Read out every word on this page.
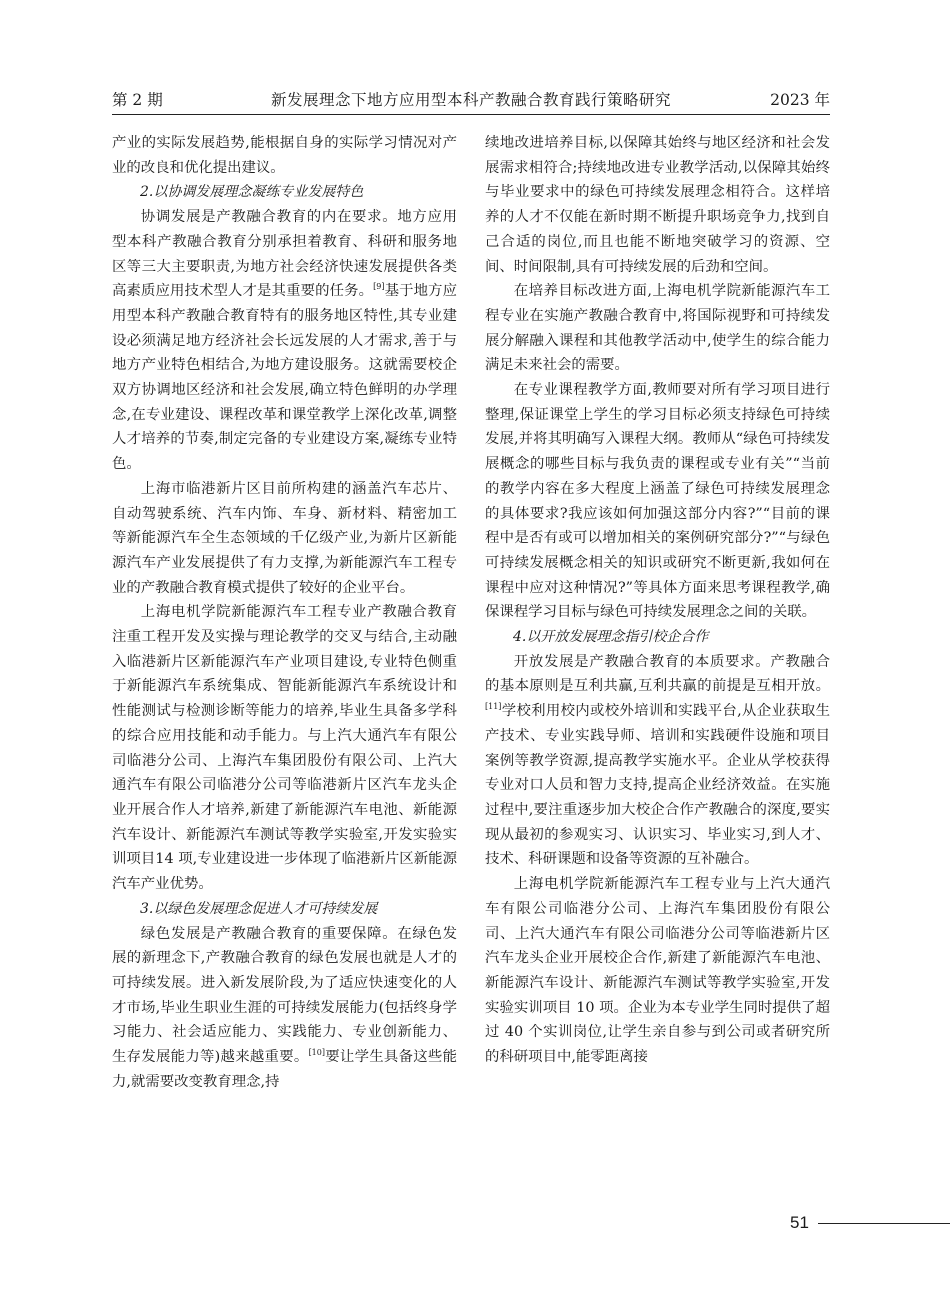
第 2 期	新发展理念下地方应用型本科产教融合教育践行策略研究	2023 年

产业的实际发展趋势,能根据自身的实际学习情况对产业的改良和优化提出建议。

2.以协调发展理念凝练专业发展特色

协调发展是产教融合教育的内在要求。地方应用型本科产教融合教育分别承担着教育、科研和服务地区等三大主要职责,为地方社会经济快速发展提供各类高素质应用技术型人才是其重要的任务。[9]基于地方应用型本科产教融合教育特有的服务地区特性,其专业建设必须满足地方经济社会长远发展的人才需求,善于与地方产业特色相结合,为地方建设服务。这就需要校企双方协调地区经济和社会发展,确立特色鲜明的办学理念,在专业建设、课程改革和课堂教学上深化改革,调整人才培养的节奏,制定完备的专业建设方案,凝练专业特色。

上海市临港新片区目前所构建的涵盖汽车芯片、自动驾驶系统、汽车内饰、车身、新材料、精密加工等新能源汽车全生态领域的千亿级产业,为新片区新能源汽车产业发展提供了有力支撑,为新能源汽车工程专业的产教融合教育模式提供了较好的企业平台。

上海电机学院新能源汽车工程专业产教融合教育注重工程开发及实操与理论教学的交叉与结合,主动融入临港新片区新能源汽车产业项目建设,专业特色侧重于新能源汽车系统集成、智能新能源汽车系统设计和性能测试与检测诊断等能力的培养,毕业生具备多学科的综合应用技能和动手能力。与上汽大通汽车有限公司临港分公司、上海汽车集团股份有限公司、上汽大通汽车有限公司临港分公司等临港新片区汽车龙头企业开展合作人才培养,新建了新能源汽车电池、新能源汽车设计、新能源汽车测试等教学实验室,开发实验实训项目14 项,专业建设进一步体现了临港新片区新能源汽车产业优势。

3.以绿色发展理念促进人才可持续发展

绿色发展是产教融合教育的重要保障。在绿色发展的新理念下,产教融合教育的绿色发展也就是人才的可持续发展。进入新发展阶段,为了适应快速变化的人才市场,毕业生职业生涯的可持续发展能力(包括终身学习能力、社会适应能力、实践能力、专业创新能力、生存发展能力等)越来越重要。[10]要让学生具备这些能力,就需要改变教育理念,持

续地改进培养目标,以保障其始终与地区经济和社会发展需求相符合;持续地改进专业教学活动,以保障其始终与毕业要求中的绿色可持续发展理念相符合。这样培养的人才不仅能在新时期不断提升职场竞争力,找到自己合适的岗位,而且也能不断地突破学习的资源、空间、时间限制,具有可持续发展的后劲和空间。

在培养目标改进方面,上海电机学院新能源汽车工程专业在实施产教融合教育中,将国际视野和可持续发展分解融入课程和其他教学活动中,使学生的综合能力满足未来社会的需要。

在专业课程教学方面,教师要对所有学习项目进行整理,保证课堂上学生的学习目标必须支持绿色可持续发展,并将其明确写入课程大纲。教师从“绿色可持续发展概念的哪些目标与我负责的课程或专业有关”“当前的教学内容在多大程度上涵盖了绿色可持续发展理念的具体要求?我应该如何加强这部分内容?”“目前的课程中是否有或可以增加相关的案例研究部分?”“与绿色可持续发展概念相关的知识或研究不断更新,我如何在课程中应对这种情况?”等具体方面来思考课程教学,确保课程学习目标与绿色可持续发展理念之间的关联。

4.以开放发展理念指引校企合作

开放发展是产教融合教育的本质要求。产教融合的基本原则是互利共赢,互利共赢的前提是互相开放。[11]学校利用校内或校外培训和实践平台,从企业获取生产技术、专业实践导师、培训和实践硬件设施和项目案例等教学资源,提高教学实施水平。企业从学校获得专业对口人员和智力支持,提高企业经济效益。在实施过程中,要注重逐步加大校企合作产教融合的深度,要实现从最初的参观实习、认识实习、毕业实习,到人才、技术、科研课题和设备等资源的互补融合。

上海电机学院新能源汽车工程专业与上汽大通汽车有限公司临港分公司、上海汽车集团股份有限公司、上汽大通汽车有限公司临港分公司等临港新片区汽车龙头企业开展校企合作,新建了新能源汽车电池、新能源汽车设计、新能源汽车测试等教学实验室,开发实验实训项目 10 项。企业为本专业学生同时提供了超过 40 个实训岗位,让学生亲自参与到公司或者研究所的科研项目中,能零距离接

51
